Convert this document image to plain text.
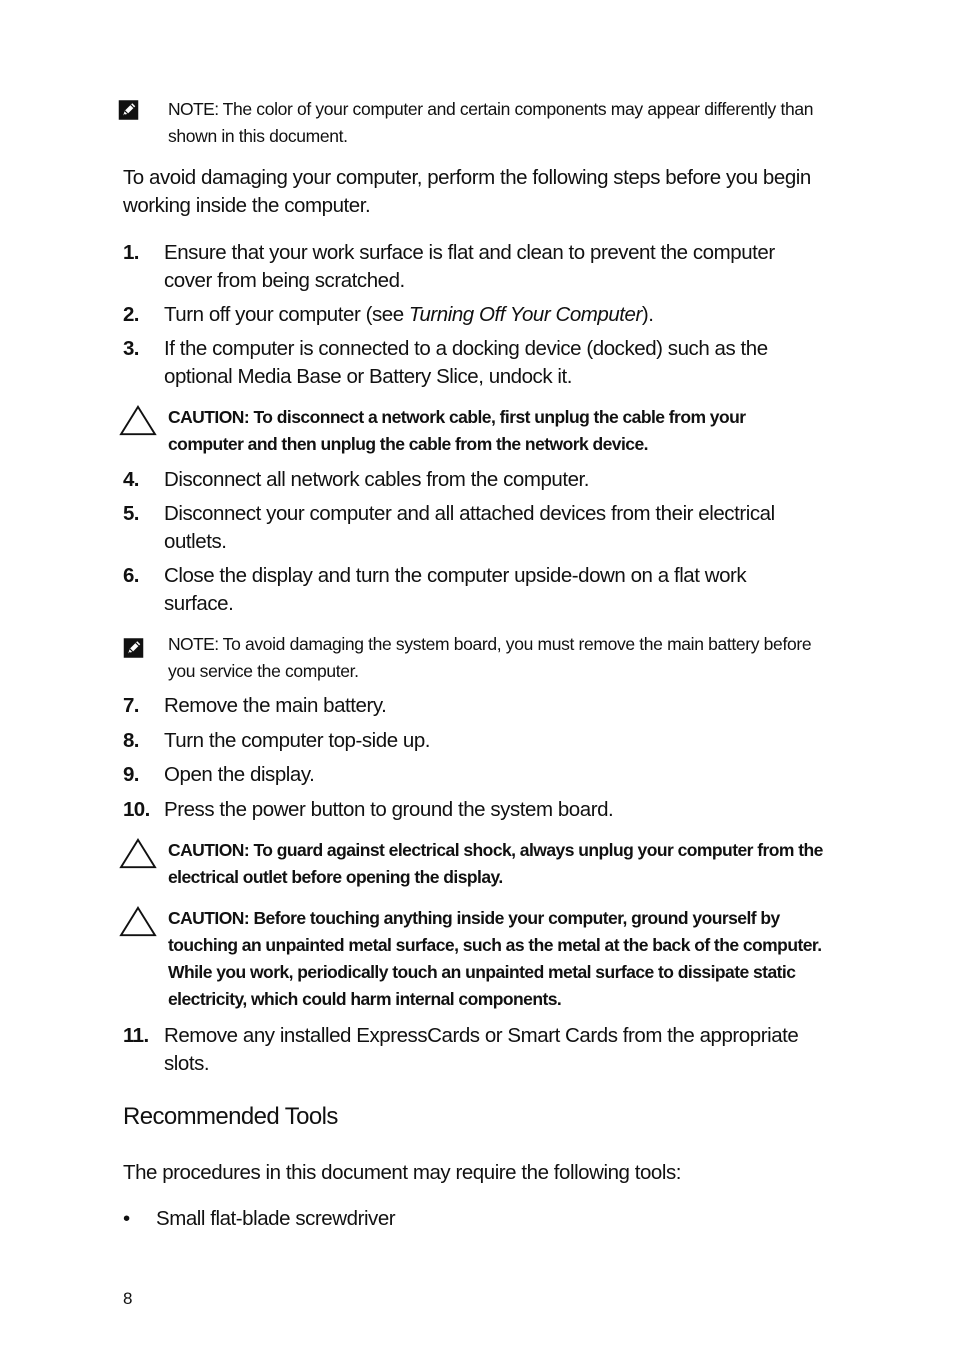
NOTE: The color of your computer and certain components may appear differently than shown in this document.
To avoid damaging your computer, perform the following steps before you begin working inside the computer.
1. Ensure that your work surface is flat and clean to prevent the computer cover from being scratched.
2. Turn off your computer (see Turning Off Your Computer).
3. If the computer is connected to a docking device (docked) such as the optional Media Base or Battery Slice, undock it.
CAUTION: To disconnect a network cable, first unplug the cable from your computer and then unplug the cable from the network device.
4. Disconnect all network cables from the computer.
5. Disconnect your computer and all attached devices from their electrical outlets.
6. Close the display and turn the computer upside-down on a flat work surface.
NOTE: To avoid damaging the system board, you must remove the main battery before you service the computer.
7. Remove the main battery.
8. Turn the computer top-side up.
9. Open the display.
10. Press the power button to ground the system board.
CAUTION: To guard against electrical shock, always unplug your computer from the electrical outlet before opening the display.
CAUTION: Before touching anything inside your computer, ground yourself by touching an unpainted metal surface, such as the metal at the back of the computer. While you work, periodically touch an unpainted metal surface to dissipate static electricity, which could harm internal components.
11. Remove any installed ExpressCards or Smart Cards from the appropriate slots.
Recommended Tools
The procedures in this document may require the following tools:
• Small flat-blade screwdriver
8
